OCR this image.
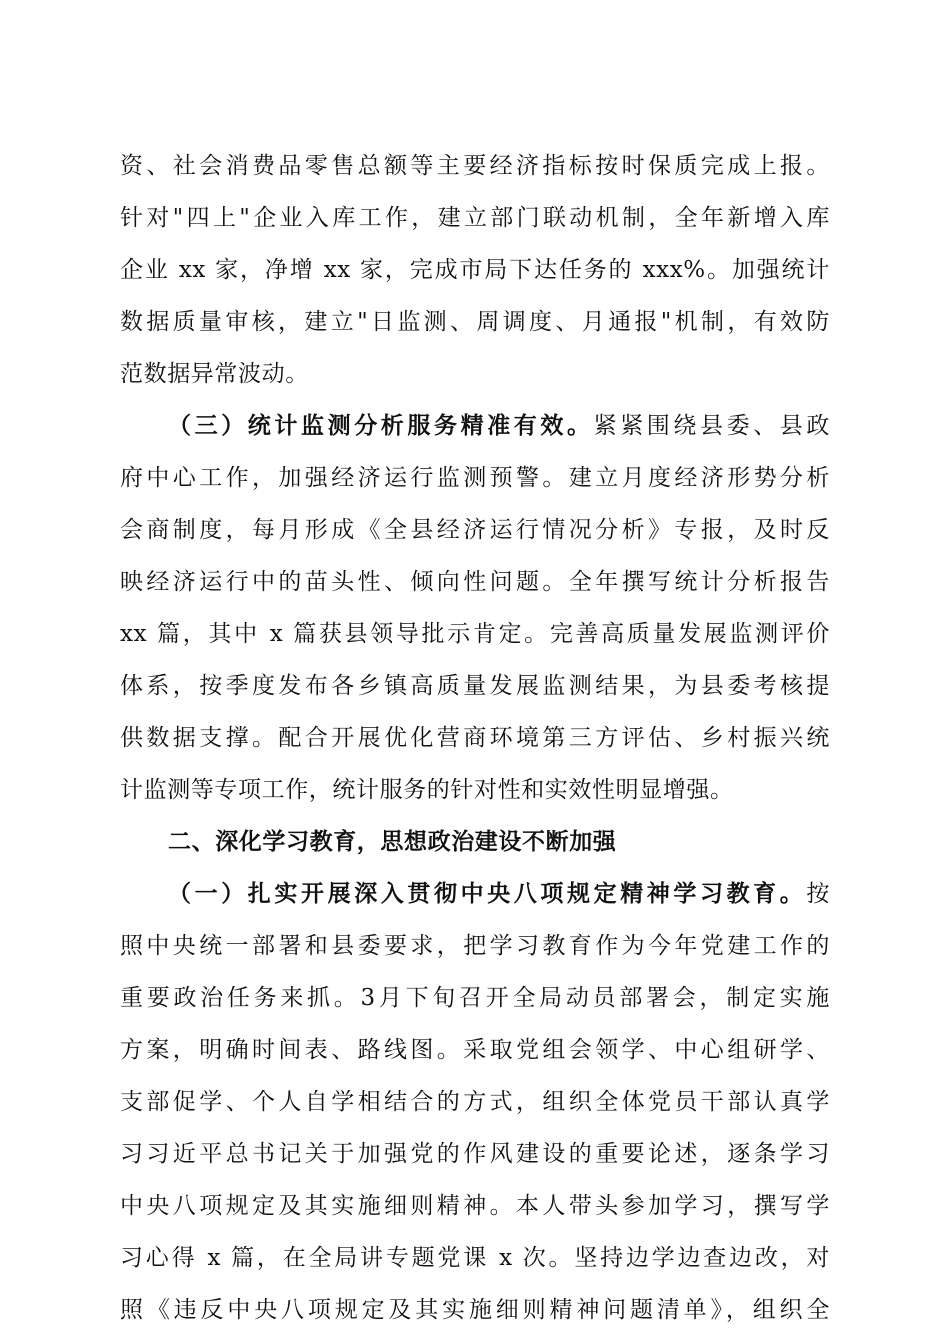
资、社会消费品零售总额等主要经济指标按时保质完成上报。
针对"四上"企业入库工作，建立部门联动机制，全年新增入库
企业 xx 家，净增 xx 家，完成市局下达任务的 xxx%。加强统计
数据质量审核，建立"日监测、周调度、月通报"机制，有效防
范数据异常波动。
（三）统计监测分析服务精准有效。紧紧围绕县委、县政
府中心工作，加强经济运行监测预警。建立月度经济形势分析
会商制度，每月形成《全县经济运行情况分析》专报，及时反
映经济运行中的苗头性、倾向性问题。全年撰写统计分析报告
xx 篇，其中 x 篇获县领导批示肯定。完善高质量发展监测评价
体系，按季度发布各乡镇高质量发展监测结果，为县委考核提
供数据支撑。配合开展优化营商环境第三方评估、乡村振兴统
计监测等专项工作，统计服务的针对性和实效性明显增强。
二、深化学习教育，思想政治建设不断加强
（一）扎实开展深入贯彻中央八项规定精神学习教育。按
照中央统一部署和县委要求，把学习教育作为今年党建工作的
重要政治任务来抓。3月下旬召开全局动员部署会，制定实施
方案，明确时间表、路线图。采取党组会领学、中心组研学、
支部促学、个人自学相结合的方式，组织全体党员干部认真学
习习近平总书记关于加强党的作风建设的重要论述，逐条学习
中央八项规定及其实施细则精神。本人带头参加学习，撰写学
习心得 x 篇，在全局讲专题党课 x 次。坚持边学边查边改，对
照《违反中央八项规定及其实施细则精神问题清单》，组织全
